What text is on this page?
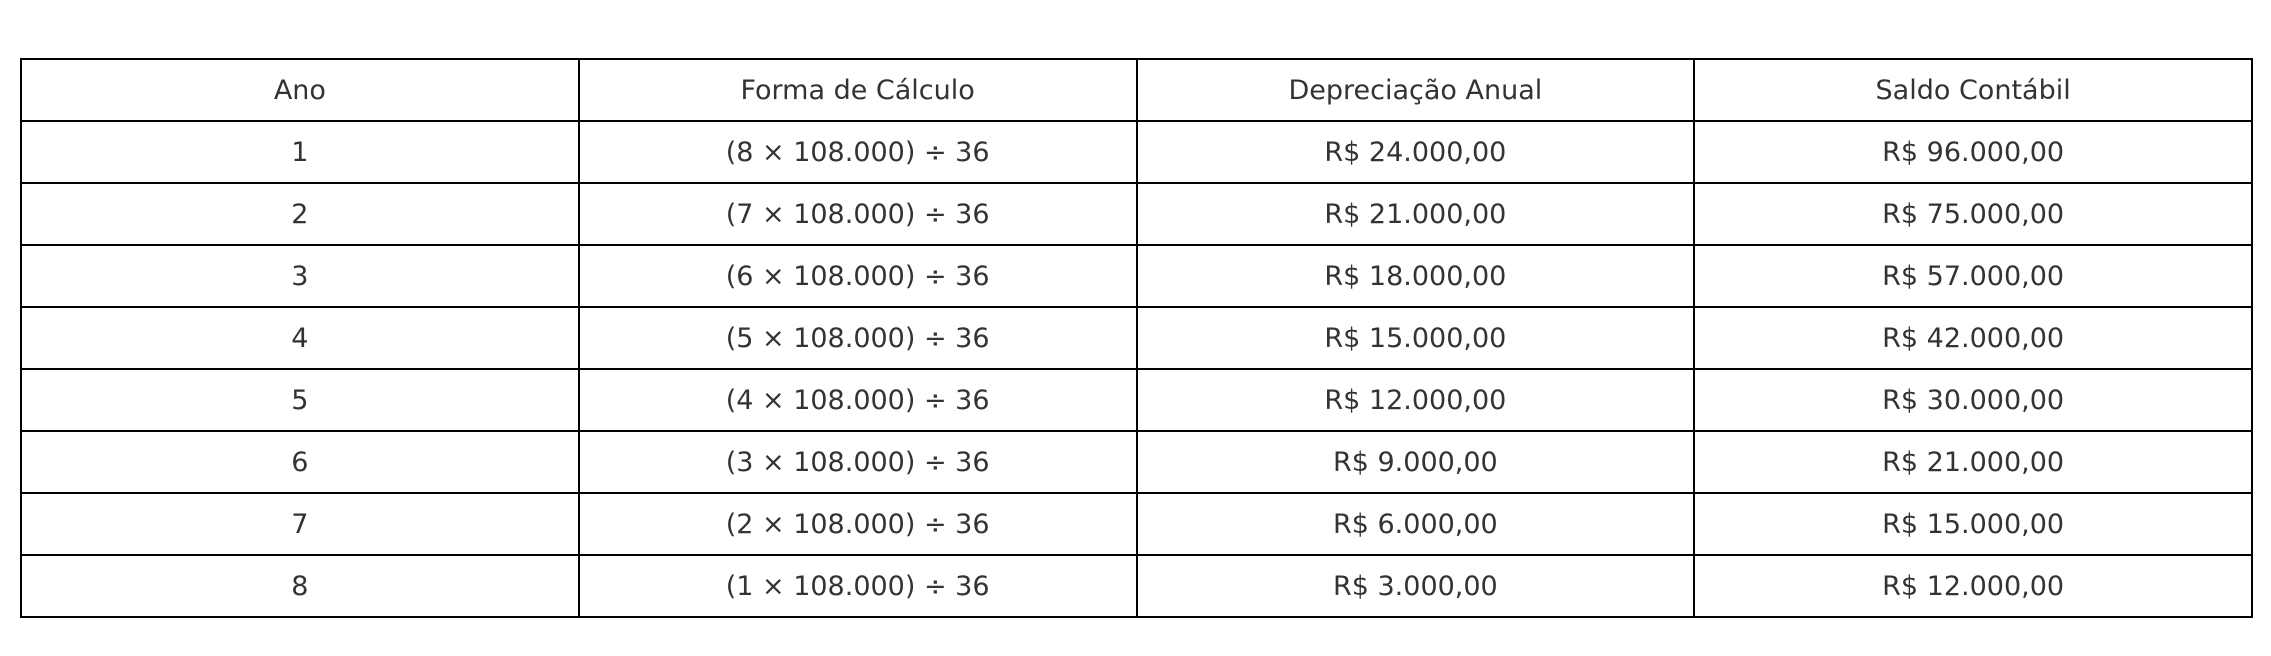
Ano	Forma de Cálculo	Depreciação Anual	Saldo Contábil
1	(8 × 108.000) ÷ 36	R$ 24.000,00	R$ 96.000,00
2	(7 × 108.000) ÷ 36	R$ 21.000,00	R$ 75.000,00
3	(6 × 108.000) ÷ 36	R$ 18.000,00	R$ 57.000,00
4	(5 × 108.000) ÷ 36	R$ 15.000,00	R$ 42.000,00
5	(4 × 108.000) ÷ 36	R$ 12.000,00	R$ 30.000,00
6	(3 × 108.000) ÷ 36	R$ 9.000,00	R$ 21.000,00
7	(2 × 108.000) ÷ 36	R$ 6.000,00	R$ 15.000,00
8	(1 × 108.000) ÷ 36	R$ 3.000,00	R$ 12.000,00
